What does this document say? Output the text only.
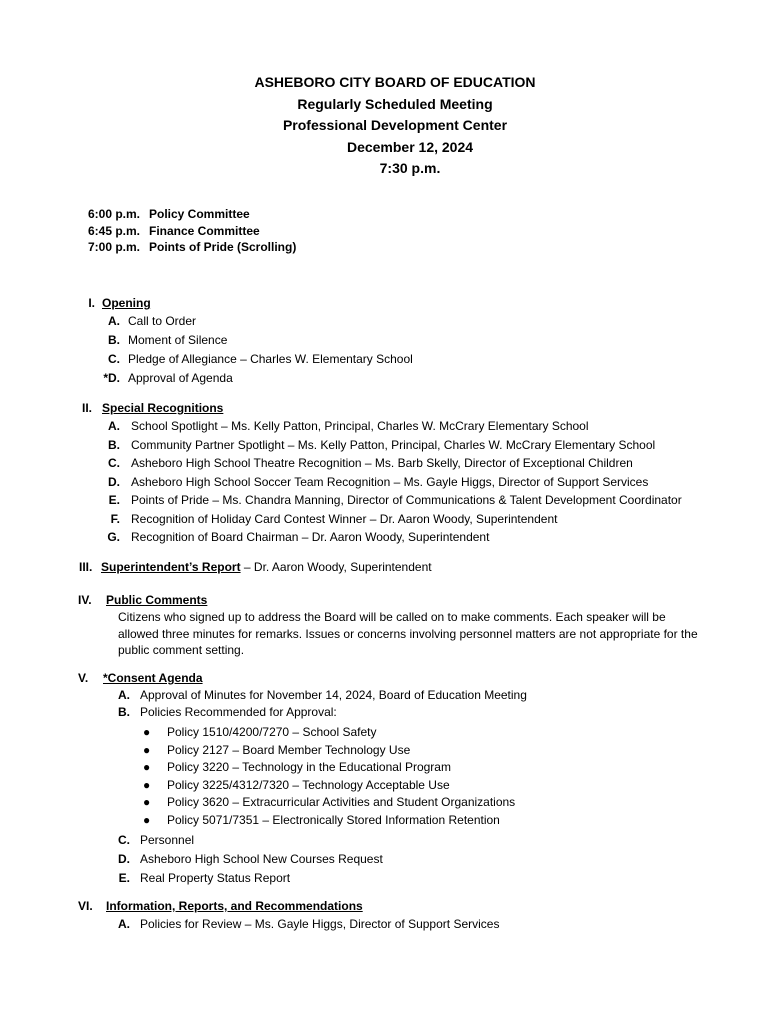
ASHEBORO CITY BOARD OF EDUCATION
Regularly Scheduled Meeting
Professional Development Center
December 12, 2024
7:30 p.m.
6:00 p.m. Policy Committee
6:45 p.m. Finance Committee
7:00 p.m. Points of Pride (Scrolling)
I. Opening
A. Call to Order
B. Moment of Silence
C. Pledge of Allegiance – Charles W. Elementary School
*D. Approval of Agenda
II. Special Recognitions
A. School Spotlight – Ms. Kelly Patton, Principal, Charles W. McCrary Elementary School
B. Community Partner Spotlight – Ms. Kelly Patton, Principal, Charles W. McCrary Elementary School
C. Asheboro High School Theatre Recognition – Ms. Barb Skelly, Director of Exceptional Children
D. Asheboro High School Soccer Team Recognition – Ms. Gayle Higgs, Director of Support Services
E. Points of Pride – Ms. Chandra Manning, Director of Communications & Talent Development Coordinator
F. Recognition of Holiday Card Contest Winner – Dr. Aaron Woody, Superintendent
G. Recognition of Board Chairman – Dr. Aaron Woody, Superintendent
III. Superintendent’s Report – Dr. Aaron Woody, Superintendent
IV.	Public Comments
Citizens who signed up to address the Board will be called on to make comments. Each speaker will be allowed three minutes for remarks. Issues or concerns involving personnel matters are not appropriate for the public comment setting.
V.	*Consent Agenda
A. Approval of Minutes for November 14, 2024, Board of Education Meeting
B. Policies Recommended for Approval:
●	Policy 1510/4200/7270 – School Safety
●	Policy 2127 – Board Member Technology Use
●	Policy 3220 – Technology in the Educational Program
●	Policy 3225/4312/7320 – Technology Acceptable Use
●	Policy 3620 – Extracurricular Activities and Student Organizations
●	Policy 5071/7351 – Electronically Stored Information Retention
C. Personnel
D. Asheboro High School New Courses Request
E. Real Property Status Report
VI.	Information, Reports, and Recommendations
A. Policies for Review – Ms. Gayle Higgs, Director of Support Services
